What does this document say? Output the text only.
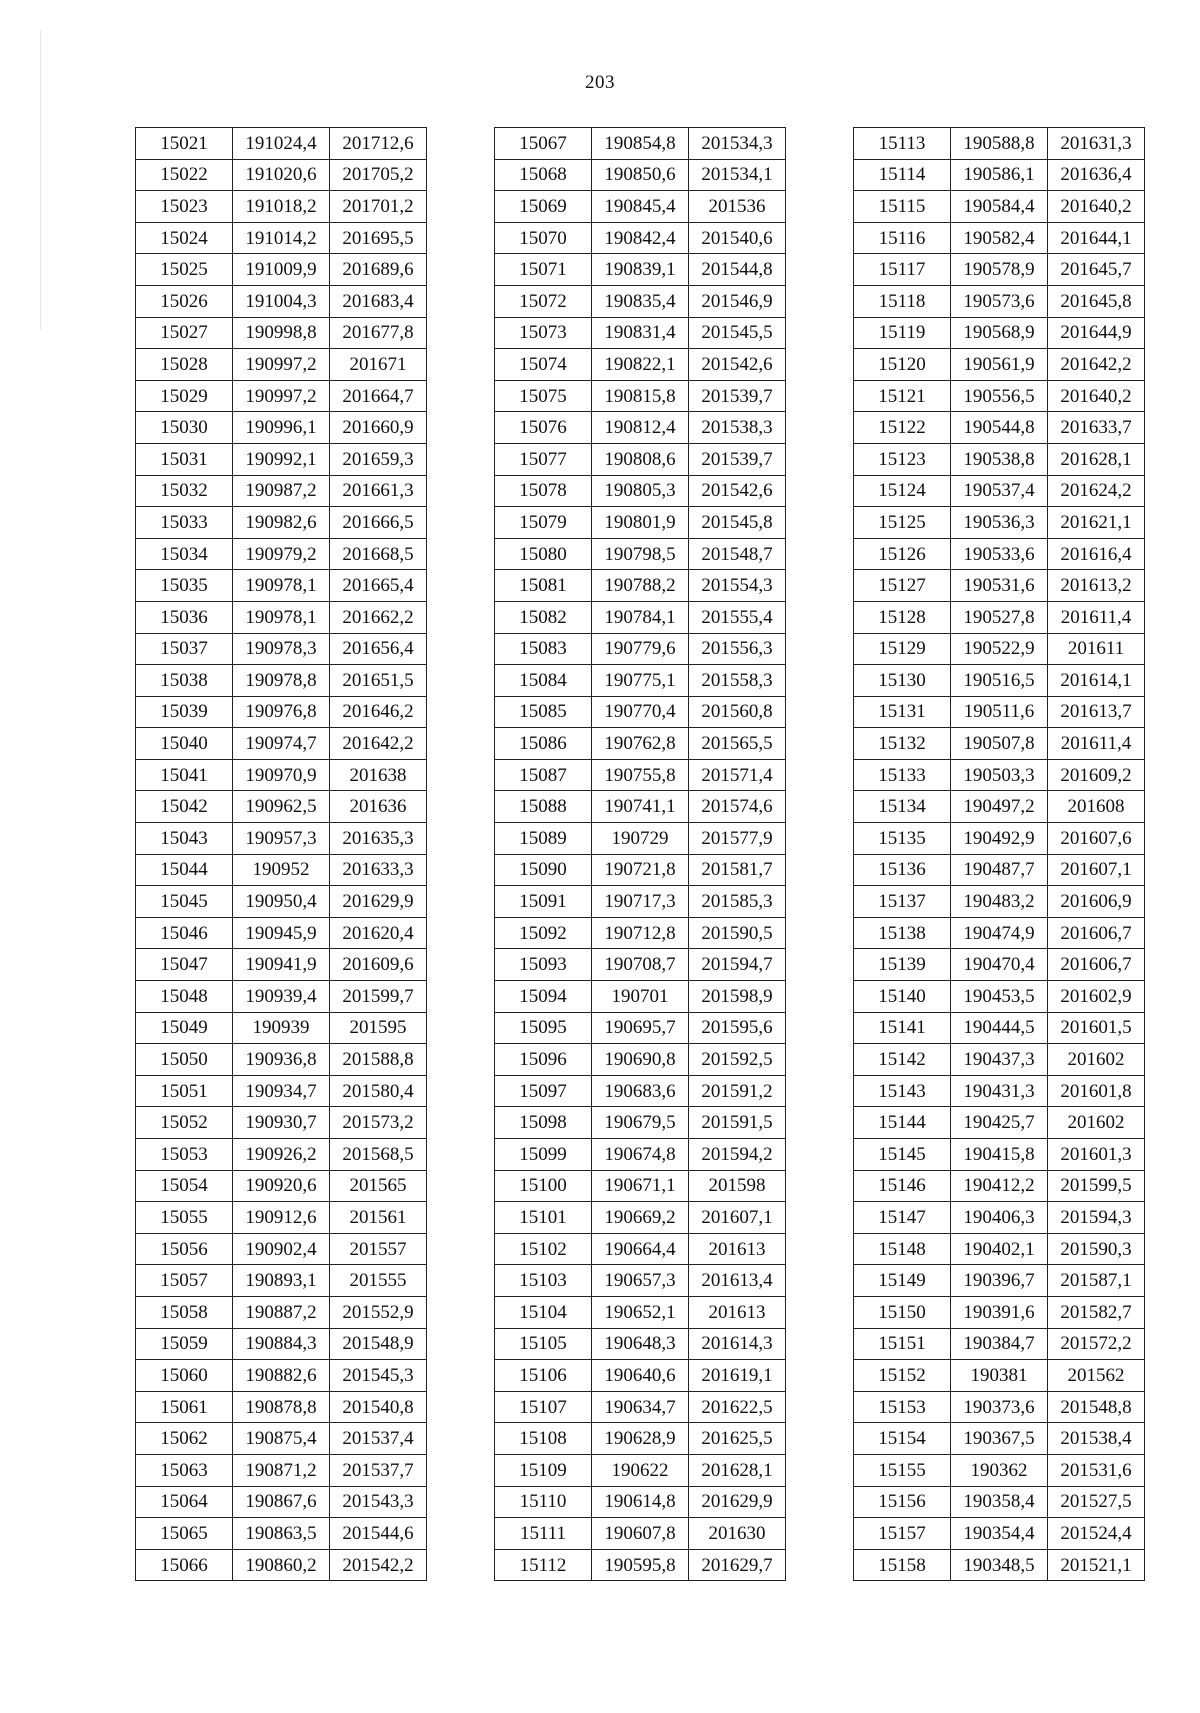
203
15021	191024,4	201712,6
15022	191020,6	201705,2
15023	191018,2	201701,2
15024	191014,2	201695,5
15025	191009,9	201689,6
15026	191004,3	201683,4
15027	190998,8	201677,8
15028	190997,2	201671
15029	190997,2	201664,7
15030	190996,1	201660,9
15031	190992,1	201659,3
15032	190987,2	201661,3
15033	190982,6	201666,5
15034	190979,2	201668,5
15035	190978,1	201665,4
15036	190978,1	201662,2
15037	190978,3	201656,4
15038	190978,8	201651,5
15039	190976,8	201646,2
15040	190974,7	201642,2
15041	190970,9	201638
15042	190962,5	201636
15043	190957,3	201635,3
15044	190952	201633,3
15045	190950,4	201629,9
15046	190945,9	201620,4
15047	190941,9	201609,6
15048	190939,4	201599,7
15049	190939	201595
15050	190936,8	201588,8
15051	190934,7	201580,4
15052	190930,7	201573,2
15053	190926,2	201568,5
15054	190920,6	201565
15055	190912,6	201561
15056	190902,4	201557
15057	190893,1	201555
15058	190887,2	201552,9
15059	190884,3	201548,9
15060	190882,6	201545,3
15061	190878,8	201540,8
15062	190875,4	201537,4
15063	190871,2	201537,7
15064	190867,6	201543,3
15065	190863,5	201544,6
15066	190860,2	201542,2
15067	190854,8	201534,3
15068	190850,6	201534,1
15069	190845,4	201536
15070	190842,4	201540,6
15071	190839,1	201544,8
15072	190835,4	201546,9
15073	190831,4	201545,5
15074	190822,1	201542,6
15075	190815,8	201539,7
15076	190812,4	201538,3
15077	190808,6	201539,7
15078	190805,3	201542,6
15079	190801,9	201545,8
15080	190798,5	201548,7
15081	190788,2	201554,3
15082	190784,1	201555,4
15083	190779,6	201556,3
15084	190775,1	201558,3
15085	190770,4	201560,8
15086	190762,8	201565,5
15087	190755,8	201571,4
15088	190741,1	201574,6
15089	190729	201577,9
15090	190721,8	201581,7
15091	190717,3	201585,3
15092	190712,8	201590,5
15093	190708,7	201594,7
15094	190701	201598,9
15095	190695,7	201595,6
15096	190690,8	201592,5
15097	190683,6	201591,2
15098	190679,5	201591,5
15099	190674,8	201594,2
15100	190671,1	201598
15101	190669,2	201607,1
15102	190664,4	201613
15103	190657,3	201613,4
15104	190652,1	201613
15105	190648,3	201614,3
15106	190640,6	201619,1
15107	190634,7	201622,5
15108	190628,9	201625,5
15109	190622	201628,1
15110	190614,8	201629,9
15111	190607,8	201630
15112	190595,8	201629,7
15113	190588,8	201631,3
15114	190586,1	201636,4
15115	190584,4	201640,2
15116	190582,4	201644,1
15117	190578,9	201645,7
15118	190573,6	201645,8
15119	190568,9	201644,9
15120	190561,9	201642,2
15121	190556,5	201640,2
15122	190544,8	201633,7
15123	190538,8	201628,1
15124	190537,4	201624,2
15125	190536,3	201621,1
15126	190533,6	201616,4
15127	190531,6	201613,2
15128	190527,8	201611,4
15129	190522,9	201611
15130	190516,5	201614,1
15131	190511,6	201613,7
15132	190507,8	201611,4
15133	190503,3	201609,2
15134	190497,2	201608
15135	190492,9	201607,6
15136	190487,7	201607,1
15137	190483,2	201606,9
15138	190474,9	201606,7
15139	190470,4	201606,7
15140	190453,5	201602,9
15141	190444,5	201601,5
15142	190437,3	201602
15143	190431,3	201601,8
15144	190425,7	201602
15145	190415,8	201601,3
15146	190412,2	201599,5
15147	190406,3	201594,3
15148	190402,1	201590,3
15149	190396,7	201587,1
15150	190391,6	201582,7
15151	190384,7	201572,2
15152	190381	201562
15153	190373,6	201548,8
15154	190367,5	201538,4
15155	190362	201531,6
15156	190358,4	201527,5
15157	190354,4	201524,4
15158	190348,5	201521,1
